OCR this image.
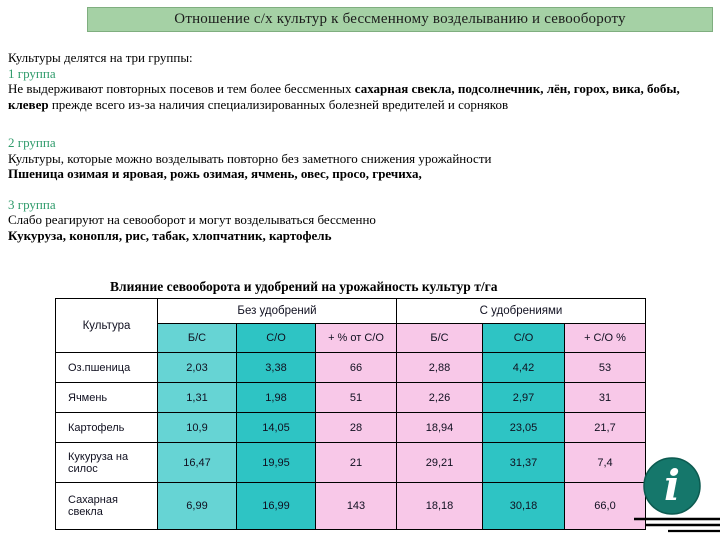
Отношение с/х культур к бессменному возделыванию и севообороту

Культуры делятся на три группы:

1 группа

Не выдерживают повторных посевов и тем более бессменных сахарная свекла, подсолнечник, лён, горох, вика, бобы, клевер прежде всего из-за наличия специализированных болезней вредителей и сорняков

2 группа

Культуры, которые можно возделывать повторно без заметного снижения урожайности

Пшеница озимая и яровая, рожь озимая, ячмень, овес, просо, гречиха,

3 группа

Слабо реагируют на севооборот и могут возделываться бессменно

Кукуруза, конопля, рис, табак, хлопчатник, картофель

Влияние севооборота и удобрений на урожайность культур т/га

Культура	Без удобрений			С удобрениями		
	Б/С	С/О	+ % от С/О	Б/С	С/О	+ С/О %
Оз.пшеница	2,03	3,38	66	2,88	4,42	53
Ячмень	1,31	1,98	51	2,26	2,97	31
Картофель	10,9	14,05	28	18,94	23,05	21,7
Кукуруза на силос	16,47	19,95	21	29,21	31,37	7,4
Сахарная свекла	6,99	16,99	143	18,18	30,18	66,0 i
